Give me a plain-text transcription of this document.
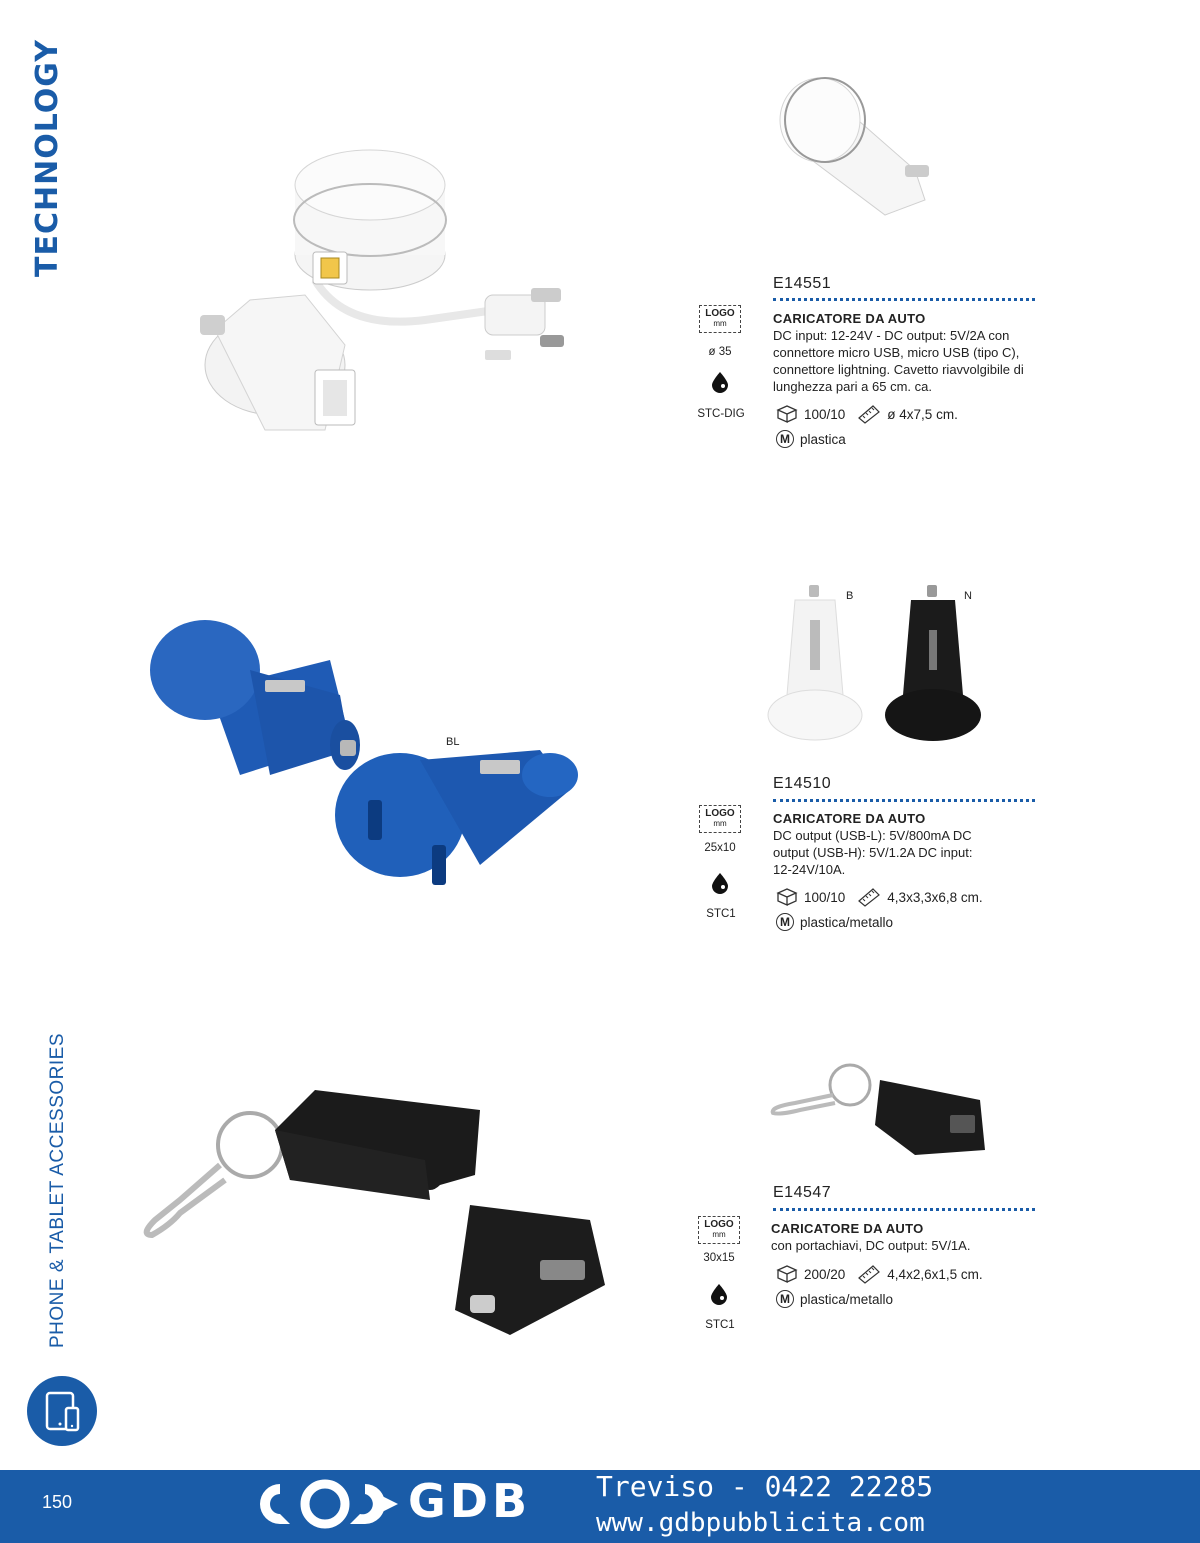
TECHNOLOGY
PHONE & TABLET ACCESSORIES
E14551
CARICATORE DA AUTO
DC input: 12-24V - DC output: 5V/2A con connettore micro USB, micro USB (tipo C), connettore lightning. Cavetto riavvolgibile di lunghezza pari a 65 cm. ca.
100/10	ø 4x7,5 cm.
M plastica
LOGO
mm
ø 35
STC-DIG
BL
B	N
E14510
CARICATORE DA AUTO
DC output (USB-L): 5V/800mA DC output (USB-H): 5V/1.2A DC input: 12-24V/10A.
100/10	4,3x3,3x6,8 cm.
M plastica/metallo
LOGO
mm
25x10
STC1
E14547
CARICATORE DA AUTO
con portachiavi, DC output: 5V/1A.
200/20	4,4x2,6x1,5 cm.
M plastica/metallo
LOGO
mm
30x15
STC1
150	GDB Treviso - 0422 22285
www.gdbpubblicita.com
